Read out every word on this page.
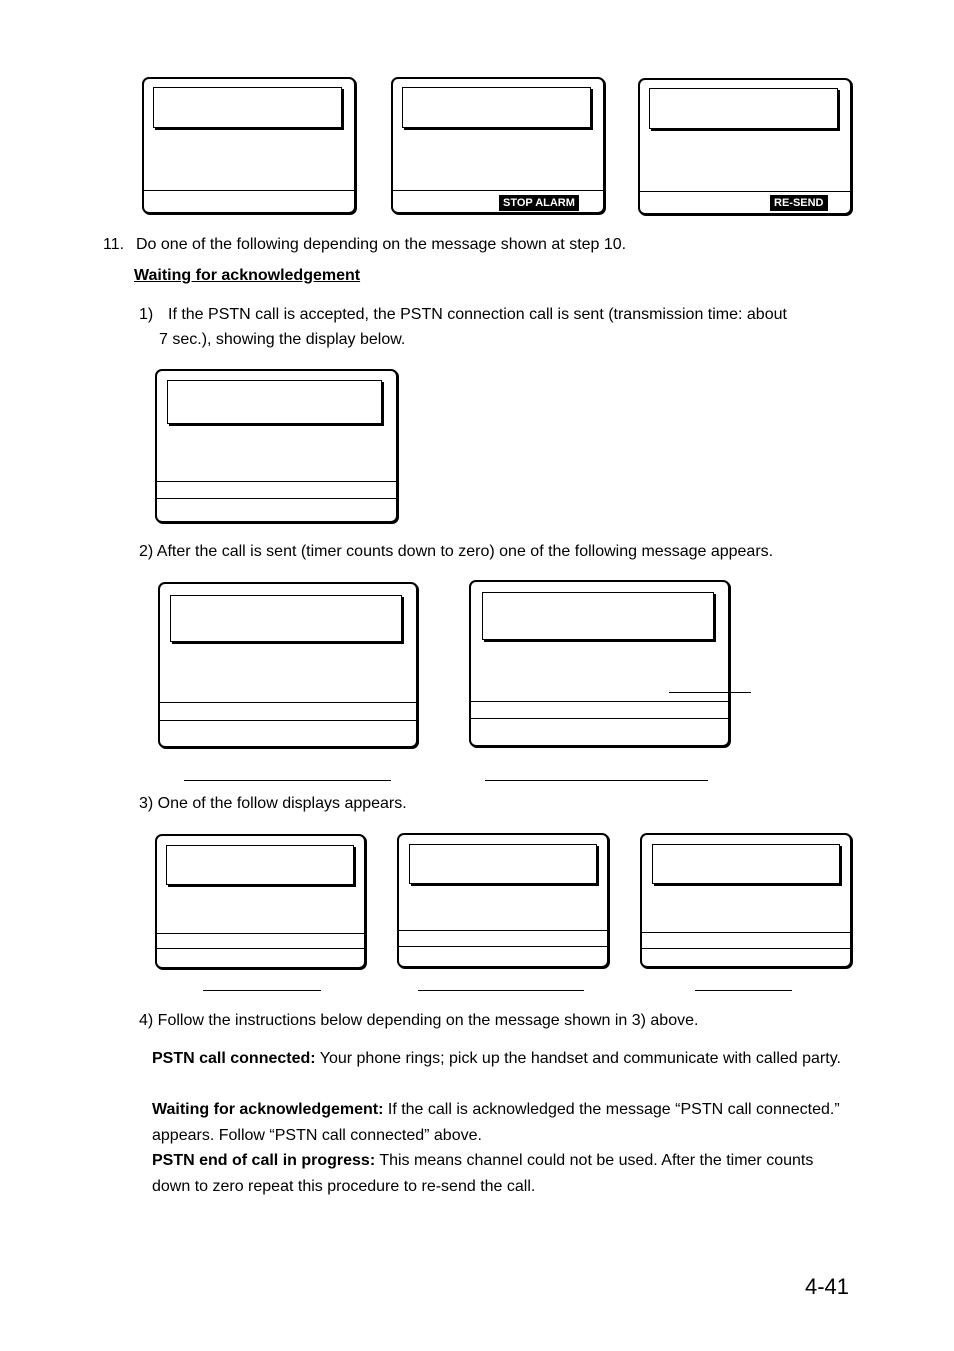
STOP ALARM	RE-SEND
11. Do one of the following depending on the message shown at step 10.
Waiting for acknowledgement
1) If the PSTN call is accepted, the PSTN connection call is sent (transmission time: about
7 sec.), showing the display below.
2) After the call is sent (timer counts down to zero) one of the following message appears.
3) One of the follow displays appears.
4) Follow the instructions below depending on the message shown in 3) above.
PSTN call connected: Your phone rings; pick up the handset and communicate with called party.
Waiting for acknowledgement: If the call is acknowledged the message “PSTN call connected.” appears. Follow “PSTN call connected” above.
PSTN end of call in progress: This means channel could not be used. After the timer counts down to zero repeat this procedure to re-send the call.
4-41
